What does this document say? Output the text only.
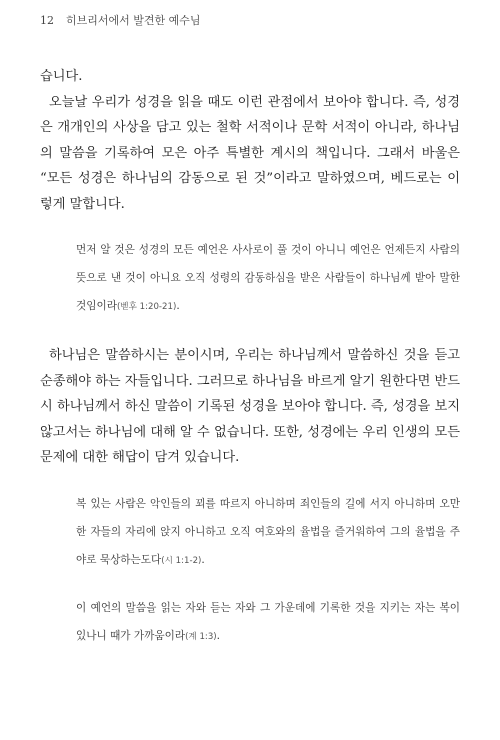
12 히브리서에서 발견한 예수님

습니다.

오늘날 우리가 성경을 읽을 때도 이런 관점에서 보아야 합니다. 즉, 성경은 개개인의 사상을 담고 있는 철학 서적이나 문학 서적이 아니라, 하나님의 말씀을 기록하여 모은 아주 특별한 계시의 책입니다. 그래서 바울은 “모든 성경은 하나님의 감동으로 된 것”이라고 말하였으며, 베드로는 이렇게 말합니다.

먼저 알 것은 성경의 모든 예언은 사사로이 풀 것이 아니니 예언은 언제든지 사람의 뜻으로 낸 것이 아니요 오직 성령의 감동하심을 받은 사람들이 하나님께 받아 말한 것임이라(벧후 1:20-21).

하나님은 말씀하시는 분이시며, 우리는 하나님께서 말씀하신 것을 듣고 순종해야 하는 자들입니다. 그러므로 하나님을 바르게 알기 원한다면 반드시 하나님께서 하신 말씀이 기록된 성경을 보아야 합니다. 즉, 성경을 보지 않고서는 하나님에 대해 알 수 없습니다. 또한, 성경에는 우리 인생의 모든 문제에 대한 해답이 담겨 있습니다.

복 있는 사람은 악인들의 꾀를 따르지 아니하며 죄인들의 길에 서지 아니하며 오만한 자들의 자리에 앉지 아니하고 오직 여호와의 율법을 즐거워하여 그의 율법을 주야로 묵상하는도다(시 1:1-2).

이 예언의 말씀을 읽는 자와 듣는 자와 그 가운데에 기록한 것을 지키는 자는 복이 있나니 때가 가까움이라(계 1:3).
